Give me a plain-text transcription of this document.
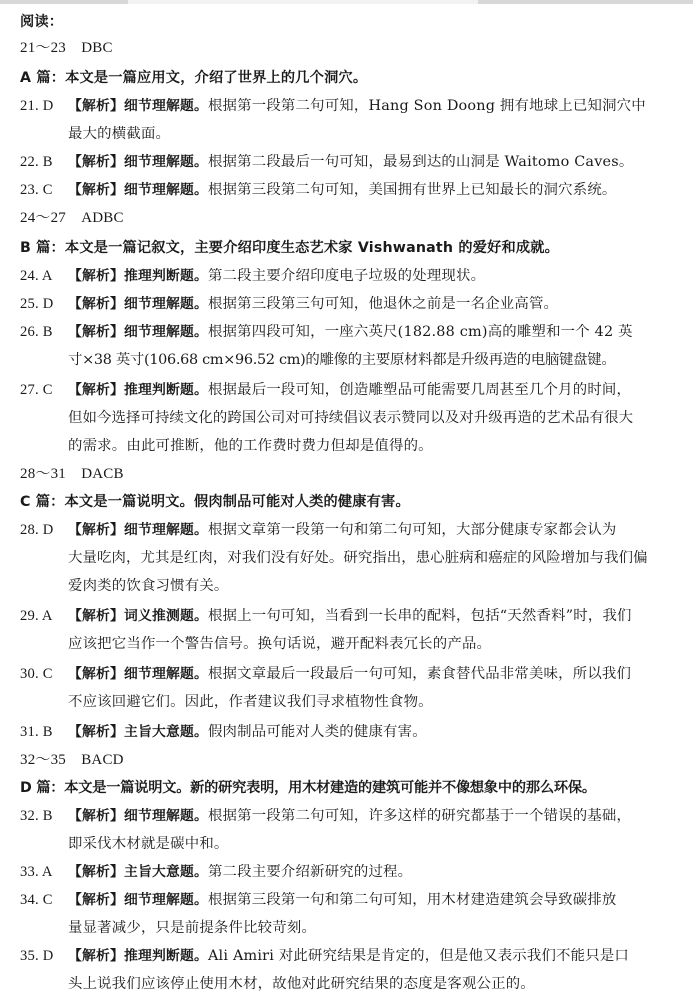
阅读：
21～23　DBC
A 篇：本文是一篇应用文，介绍了世界上的几个洞穴。
21. D 【解析】细节理解题。根据第一段第二句可知，Hang Son Doong 拥有地球上已知洞穴中
最大的横截面。
22. B 【解析】细节理解题。根据第二段最后一句可知，最易到达的山洞是 Waitomo Caves。
23. C 【解析】细节理解题。根据第三段第二句可知，美国拥有世界上已知最长的洞穴系统。
24～27　ADBC
B 篇：本文是一篇记叙文，主要介绍印度生态艺术家 Vishwanath 的爱好和成就。
24. A 【解析】推理判断题。第二段主要介绍印度电子垃圾的处理现状。
25. D 【解析】细节理解题。根据第三段第三句可知，他退休之前是一名企业高管。
26. B 【解析】细节理解题。根据第四段可知，一座六英尺(182.88 cm)高的雕塑和一个 42 英
寸×38 英寸(106.68 cm×96.52 cm)的雕像的主要原材料都是升级再造的电脑键盘键。
27. C 【解析】推理判断题。根据最后一段可知，创造雕塑品可能需要几周甚至几个月的时间，
但如今选择可持续文化的跨国公司对可持续倡议表示赞同以及对升级再造的艺术品有很大
的需求。由此可推断，他的工作费时费力但却是值得的。
28～31　DACB
C 篇：本文是一篇说明文。假肉制品可能对人类的健康有害。
28. D 【解析】细节理解题。根据文章第一段第一句和第二句可知，大部分健康专家都会认为
大量吃肉，尤其是红肉，对我们没有好处。研究指出，患心脏病和癌症的风险增加与我们偏
爱肉类的饮食习惯有关。
29. A 【解析】词义推测题。根据上一句可知，当看到一长串的配料，包括“天然香料”时，我们
应该把它当作一个警告信号。换句话说，避开配料表冗长的产品。
30. C 【解析】细节理解题。根据文章最后一段最后一句可知，素食替代品非常美味，所以我们
不应该回避它们。因此，作者建议我们寻求植物性食物。
31. B 【解析】主旨大意题。假肉制品可能对人类的健康有害。
32～35　BACD
D 篇：本文是一篇说明文。新的研究表明，用木材建造的建筑可能并不像想象中的那么环保。
32. B 【解析】细节理解题。根据第一段第二句可知，许多这样的研究都基于一个错误的基础，
即采伐木材就是碳中和。
33. A 【解析】主旨大意题。第二段主要介绍新研究的过程。
34. C 【解析】细节理解题。根据第三段第一句和第二句可知，用木材建造建筑会导致碳排放
量显著减少，只是前提条件比较苛刻。
35. D 【解析】推理判断题。Ali Amiri 对此研究结果是肯定的，但是他又表示我们不能只是口
头上说我们应该停止使用木材，故他对此研究结果的态度是客观公正的。
